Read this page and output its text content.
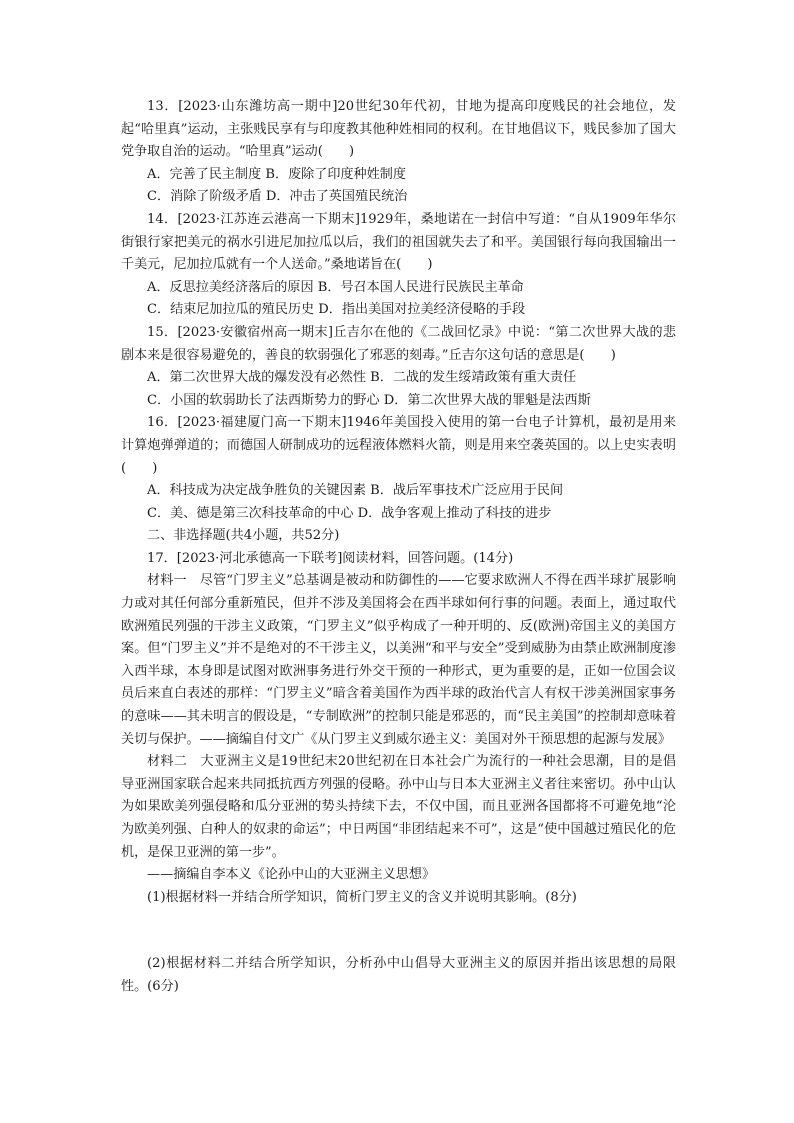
13．[2023·山东潍坊高一期中]20世纪30年代初，甘地为提高印度贱民的社会地位，发起“哈里真”运动，主张贱民享有与印度教其他种姓相同的权利。在甘地倡议下，贱民参加了国大党争取自治的运动。“哈里真”运动(　　)

A．完善了民主制度 B．废除了印度种姓制度

C．消除了阶级矛盾 D．冲击了英国殖民统治

14．[2023·江苏连云港高一下期末]1929年，桑地诺在一封信中写道：“自从1909年华尔街银行家把美元的祸水引进尼加拉瓜以后，我们的祖国就失去了和平。美国银行每向我国输出一千美元，尼加拉瓜就有一个人送命。”桑地诺旨在(　　)

A．反思拉美经济落后的原因 B．号召本国人民进行民族民主革命

C．结束尼加拉瓜的殖民历史 D．指出美国对拉美经济侵略的手段

15．[2023·安徽宿州高一期末]丘吉尔在他的《二战回忆录》中说：“第二次世界大战的悲剧本来是很容易避免的，善良的软弱强化了邪恶的刻毒。”丘吉尔这句话的意思是(　　)

A．第二次世界大战的爆发没有必然性 B．二战的发生绥靖政策有重大责任

C．小国的软弱助长了法西斯势力的野心 D．第二次世界大战的罪魁是法西斯

16．[2023·福建厦门高一下期末]1946年美国投入使用的第一台电子计算机，最初是用来计算炮弹弹道的；而德国人研制成功的远程液体燃料火箭，则是用来空袭英国的。以上史实表明(　　)

A．科技成为决定战争胜负的关键因素 B．战后军事技术广泛应用于民间

C．美、德是第三次科技革命的中心 D．战争客观上推动了科技的进步

二、非选择题(共4小题，共52分)

17．[2023·河北承德高一下联考]阅读材料，回答问题。(14分)

材料一　尽管“门罗主义”总基调是被动和防御性的——它要求欧洲人不得在西半球扩展影响力或对其任何部分重新殖民，但并不涉及美国将会在西半球如何行事的问题。表面上，通过取代欧洲殖民列强的干涉主义政策，“门罗主义”似乎构成了一种开明的、反(欧洲)帝国主义的美国方案。但“门罗主义”并不是绝对的不干涉主义，以美洲“和平与安全”受到威胁为由禁止欧洲制度渗入西半球，本身即是试图对欧洲事务进行外交干预的一种形式，更为重要的是，正如一位国会议员后来直白表述的那样：“门罗主义”暗含着美国作为西半球的政治代言人有权干涉美洲国家事务的意味——其未明言的假设是，“专制欧洲”的控制只能是邪恶的，而“民主美国”的控制却意味着关切与保护。——摘编自付文广《从门罗主义到威尔逊主义：美国对外干预思想的起源与发展》

材料二　大亚洲主义是19世纪末20世纪初在日本社会广为流行的一种社会思潮，目的是倡导亚洲国家联合起来共同抵抗西方列强的侵略。孙中山与日本大亚洲主义者往来密切。孙中山认为如果欧美列强侵略和瓜分亚洲的势头持续下去，不仅中国，而且亚洲各国都将不可避免地“沦为欧美列强、白种人的奴隶的命运”；中日两国“非团结起来不可”，这是“使中国越过殖民化的危机，是保卫亚洲的第一步”。

——摘编自李本义《论孙中山的大亚洲主义思想》

(1)根据材料一并结合所学知识，简析门罗主义的含义并说明其影响。(8分)

(2)根据材料二并结合所学知识，分析孙中山倡导大亚洲主义的原因并指出该思想的局限性。(6分)
